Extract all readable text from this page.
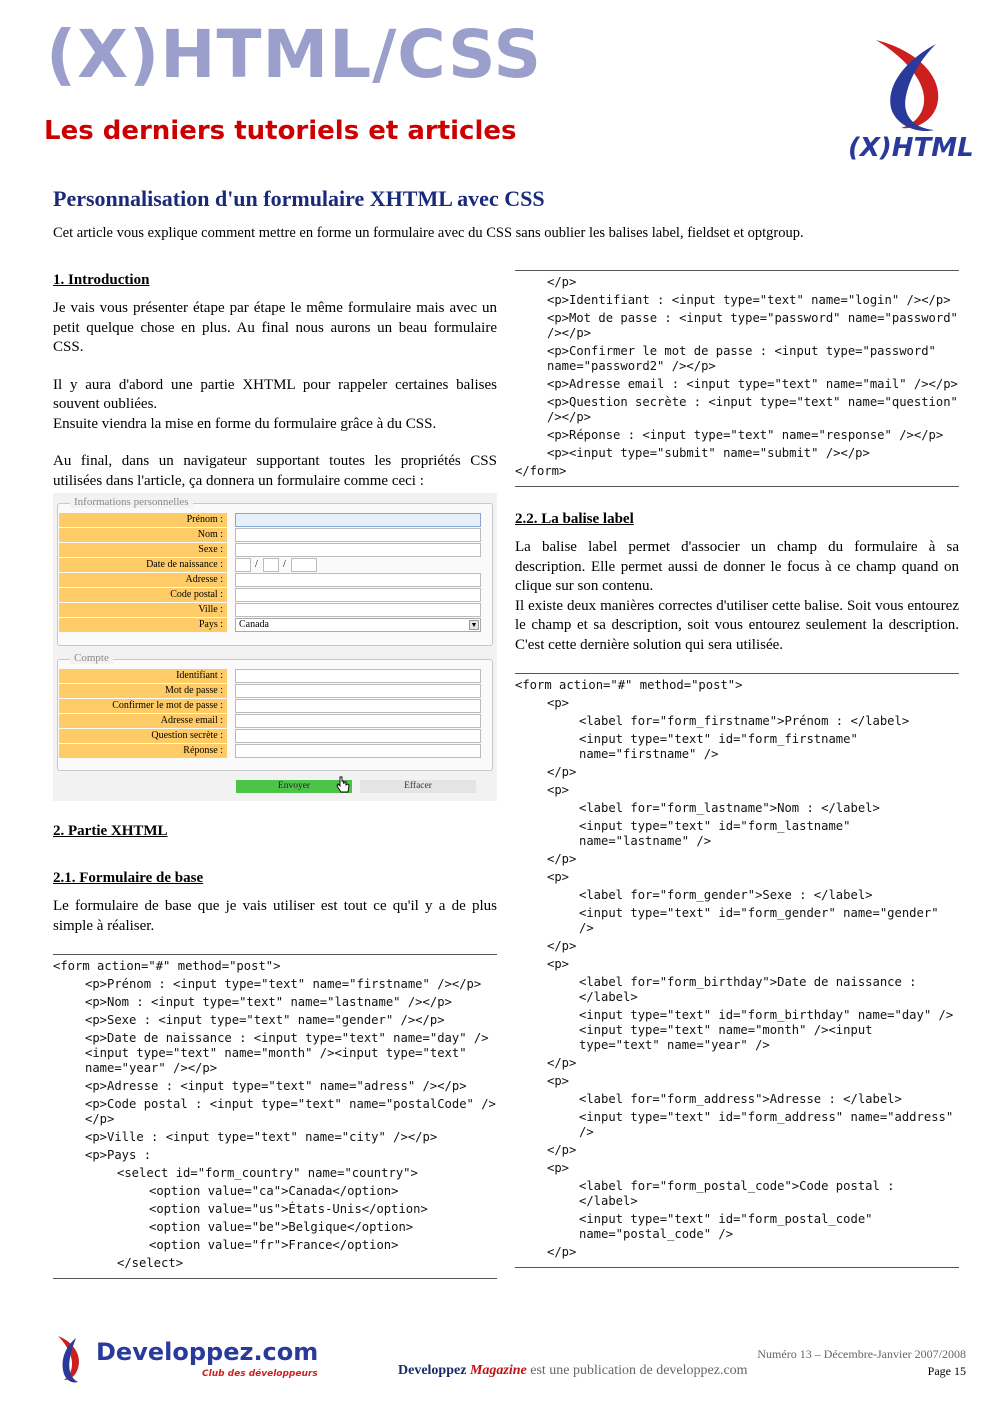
(X)HTML/CSS
Les derniers tutoriels et articles
(X)HTML
Personnalisation d'un formulaire XHTML avec CSS
Cet article vous explique comment mettre en forme un formulaire avec du CSS sans oublier les balises label, fieldset et optgroup.
1. Introduction
Je vais vous présenter étape par étape le même formulaire mais avec un petit quelque chose en plus. Au final nous aurons un beau formulaire CSS.
Il y aura d'abord une partie XHTML pour rappeler certaines balises souvent oubliées.
Ensuite viendra la mise en forme du formulaire grâce à du CSS.
Au final, dans un navigateur supportant toutes les propriétés CSS utilisées dans l'article, ça donnera un formulaire comme ceci :
Informations personnelles
Prénom :
Nom :
Sexe :
Date de naissance :	/	/
Adresse :
Code postal :
Ville :
Pays :	Canada	▼
Compte
Identifiant :
Mot de passe :
Confirmer le mot de passe :
Adresse email :
Question secrète :
Réponse :
Envoyer	Effacer
2. Partie XHTML
2.1. Formulaire de base
Le formulaire de base que je vais utiliser est tout ce qu'il y a de plus simple à réaliser.
<form action="#" method="post">
<p>Prénom : <input type="text" name="firstname" /></p>
<p>Nom : <input type="text" name="lastname" /></p>
<p>Sexe : <input type="text" name="gender" /></p>
<p>Date de naissance : <input type="text" name="day" /><input type="text" name="month" /><input type="text" name="year" /></p>
<p>Adresse : <input type="text" name="adress" /></p>
<p>Code postal : <input type="text" name="postalCode" /></p>
<p>Ville : <input type="text" name="city" /></p>
<p>Pays :
<select id="form_country" name="country">
<option value="ca">Canada</option>
<option value="us">États-Unis</option>
<option value="be">Belgique</option>
<option value="fr">France</option>
</select>
</p>
<p>Identifiant : <input type="text" name="login" /></p>
<p>Mot de passe : <input type="password" name="password" /></p>
<p>Confirmer le mot de passe : <input type="password" name="password2" /></p>
<p>Adresse email : <input type="text" name="mail" /></p>
<p>Question secrète : <input type="text" name="question" /></p>
<p>Réponse : <input type="text" name="response" /></p>
<p><input type="submit" name="submit" /></p>
</form>
2.2. La balise label
La balise label permet d'associer un champ du formulaire à sa description. Elle permet aussi de donner le focus à ce champ quand on clique sur son contenu.
Il existe deux manières correctes d'utiliser cette balise. Soit vous entourez le champ et sa description, soit vous entourez seulement la description. C'est cette dernière solution qui sera utilisée.
<form action="#" method="post">
<p>
<label for="form_firstname">Prénom : </label>
<input type="text" id="form_firstname" name="firstname" />
</p>
<p>
<label for="form_lastname">Nom : </label>
<input type="text" id="form_lastname" name="lastname" />
</p>
<p>
<label for="form_gender">Sexe : </label>
<input type="text" id="form_gender" name="gender" />
</p>
<p>
<label for="form_birthday">Date de naissance : </label>
<input type="text" id="form_birthday" name="day" /><input type="text" name="month" /><input type="text" name="year" />
</p>
<p>
<label for="form_address">Adresse : </label>
<input type="text" id="form_address" name="address" />
</p>
<p>
<label for="form_postal_code">Code postal : </label>
<input type="text" id="form_postal_code" name="postal_code" />
</p>
Developpez.com
Club des développeurs
Numéro 13 – Décembre-Janvier 2007/2008
Developpez Magazine est une publication de developpez.com	Page 15
